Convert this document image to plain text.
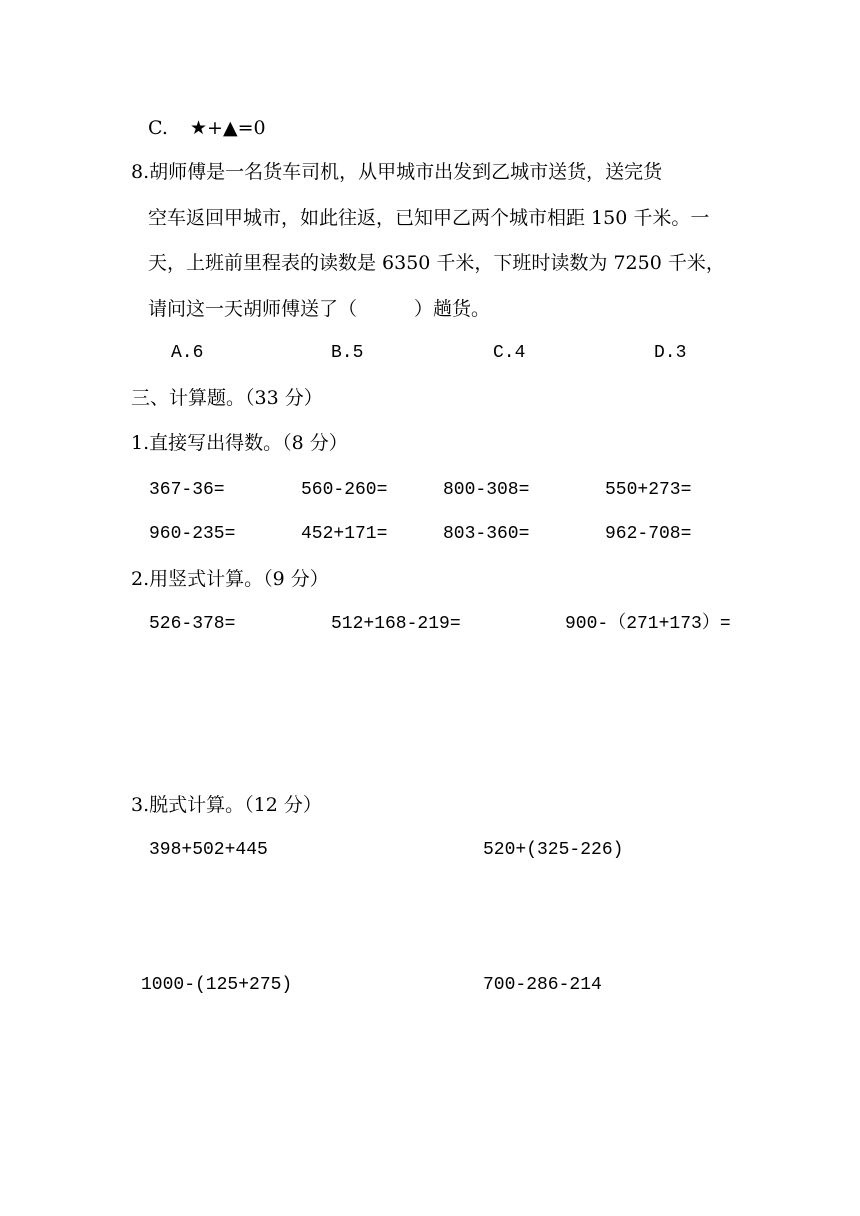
C. ★+▲=0
8.胡师傅是一名货车司机，从甲城市出发到乙城市送货，送完货
空车返回甲城市，如此往返，已知甲乙两个城市相距 150 千米。一
天，上班前里程表的读数是 6350 千米，下班时读数为 7250 千米，
请问这一天胡师傅送了（　　　）趟货。
A.6	B.5	C.4	D.3
三、计算题。（33 分）
1.直接写出得数。（8 分）
367-36=	560-260=	800-308=	550+273=
960-235=	452+171=	803-360=	962-708=
2.用竖式计算。（9 分）
526-378=	512+168-219=	900-（271+173）=
3.脱式计算。（12 分）
398+502+445	520+(325-226)
1000-(125+275)	700-286-214
